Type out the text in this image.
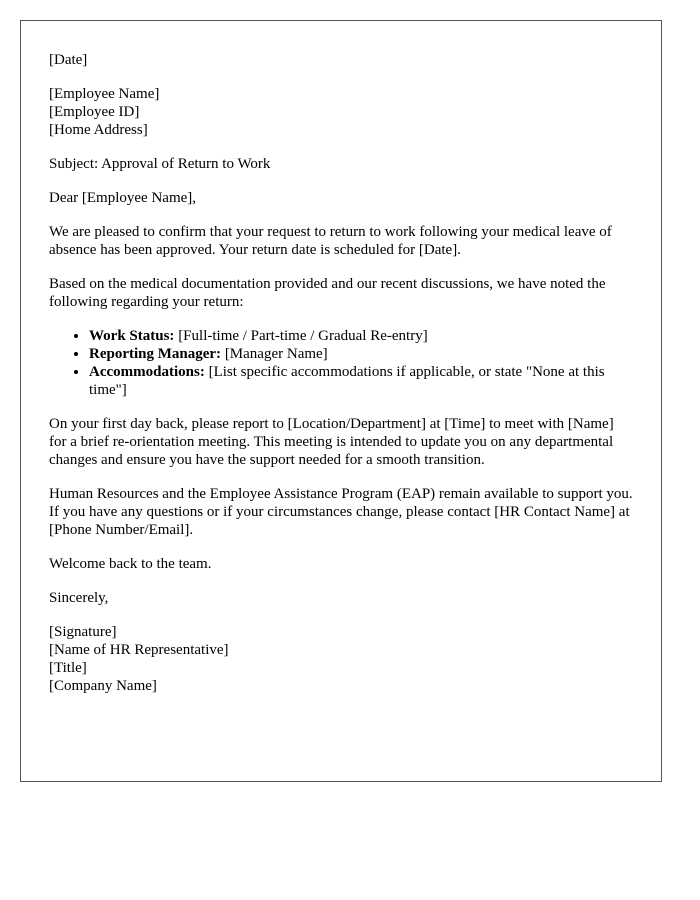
[Date]

[Employee Name]
[Employee ID]
[Home Address]

Subject: Approval of Return to Work

Dear [Employee Name],

We are pleased to confirm that your request to return to work following your medical leave of absence has been approved. Your return date is scheduled for [Date].

Based on the medical documentation provided and our recent discussions, we have noted the following regarding your return:

• Work Status: [Full-time / Part-time / Gradual Re-entry]
• Reporting Manager: [Manager Name]
• Accommodations: [List specific accommodations if applicable, or state "None at this time"]

On your first day back, please report to [Location/Department] at [Time] to meet with [Name] for a brief re-orientation meeting. This meeting is intended to update you on any departmental changes and ensure you have the support needed for a smooth transition.

Human Resources and the Employee Assistance Program (EAP) remain available to support you. If you have any questions or if your circumstances change, please contact [HR Contact Name] at [Phone Number/Email].

Welcome back to the team.

Sincerely,

[Signature]
[Name of HR Representative]
[Title]
[Company Name]
